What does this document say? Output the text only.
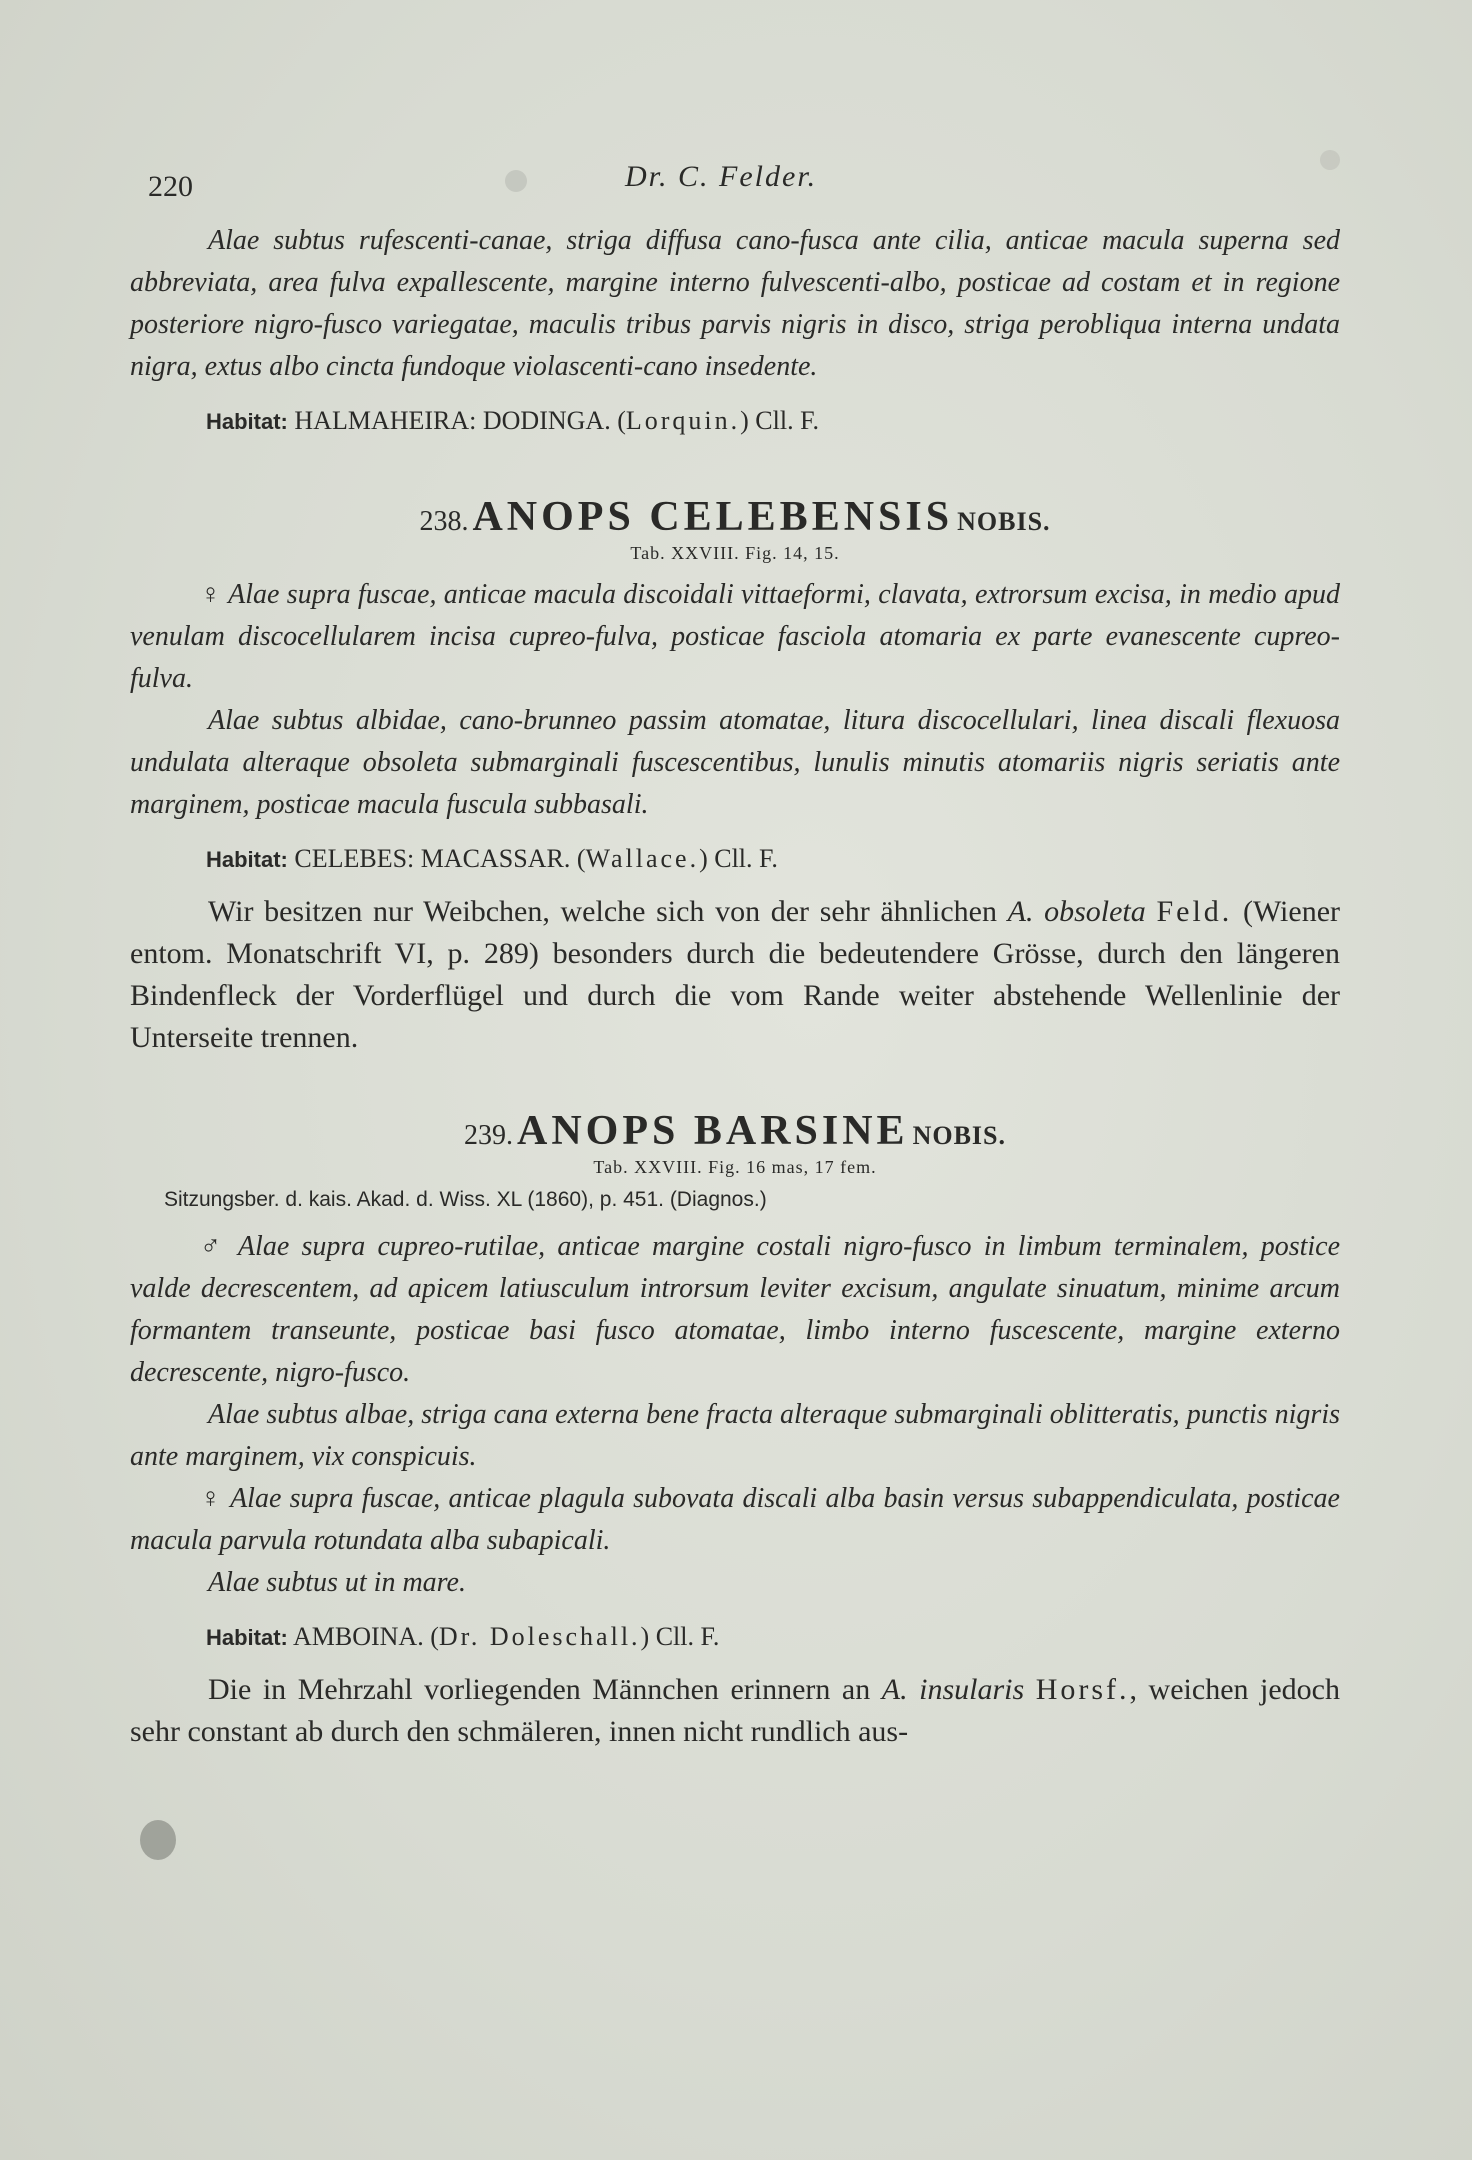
220	Dr. C. Felder.

Alae subtus rufescenti-canae, striga diffusa cano-fusca ante cilia, anticae macula superna sed abbreviata, area fulva expallescente, margine interno fulvescenti-albo, posticae ad costam et in regione posteriore nigro-fusco variegatae, maculis tribus parvis nigris in disco, striga perobliqua interna undata nigra, extus albo cincta fundoque violascenti-cano insedente.

Habitat: HALMAHEIRA: DODINGA. (Lorquin.) Cll. F.

238. ANOPS CELEBENSIS NOBIS.
Tab. XXVIII. Fig. 14, 15.

♀ Alae supra fuscae, anticae macula discoidali vittaeformi, clavata, extrorsum excisa, in medio apud venulam discocellularem incisa cupreo-fulva, posticae fasciola atomaria ex parte evanescente cupreo-fulva.

Alae subtus albidae, cano-brunneo passim atomatae, litura discocellulari, linea discali flexuosa undulata alteraque obsoleta submarginali fuscescentibus, lunulis minutis atomariis nigris seriatis ante marginem, posticae macula fuscula subbasali.

Habitat: CELEBES: MACASSAR. (Wallace.) Cll. F.

Wir besitzen nur Weibchen, welche sich von der sehr ähnlichen A. obsoleta Feld. (Wiener entom. Monatschrift VI, p. 289) besonders durch die bedeutendere Grösse, durch den längeren Bindenfleck der Vorderflügel und durch die vom Rande weiter abstehende Wellenlinie der Unterseite trennen.

239. ANOPS BARSINE NOBIS.
Tab. XXVIII. Fig. 16 mas, 17 fem.
Sitzungsber. d. kais. Akad. d. Wiss. XL (1860), p. 451. (Diagnos.)

♂ Alae supra cupreo-rutilae, anticae margine costali nigro-fusco in limbum terminalem, postice valde decrescentem, ad apicem latiusculum introrsum leviter excisum, angulate sinuatum, minime arcum formantem transeunte, posticae basi fusco atomatae, limbo interno fuscescente, margine externo decrescente, nigro-fusco.

Alae subtus albae, striga cana externa bene fracta alteraque submarginali oblitteratis, punctis nigris ante marginem, vix conspicuis.

♀ Alae supra fuscae, anticae plagula subovata discali alba basin versus subappendiculata, posticae macula parvula rotundata alba subapicali.

Alae subtus ut in mare.

Habitat: AMBOINA. (Dr. Doleschall.) Cll. F.

Die in Mehrzahl vorliegenden Männchen erinnern an A. insularis Horsf., weichen jedoch sehr constant ab durch den schmäleren, innen nicht rundlich aus-
